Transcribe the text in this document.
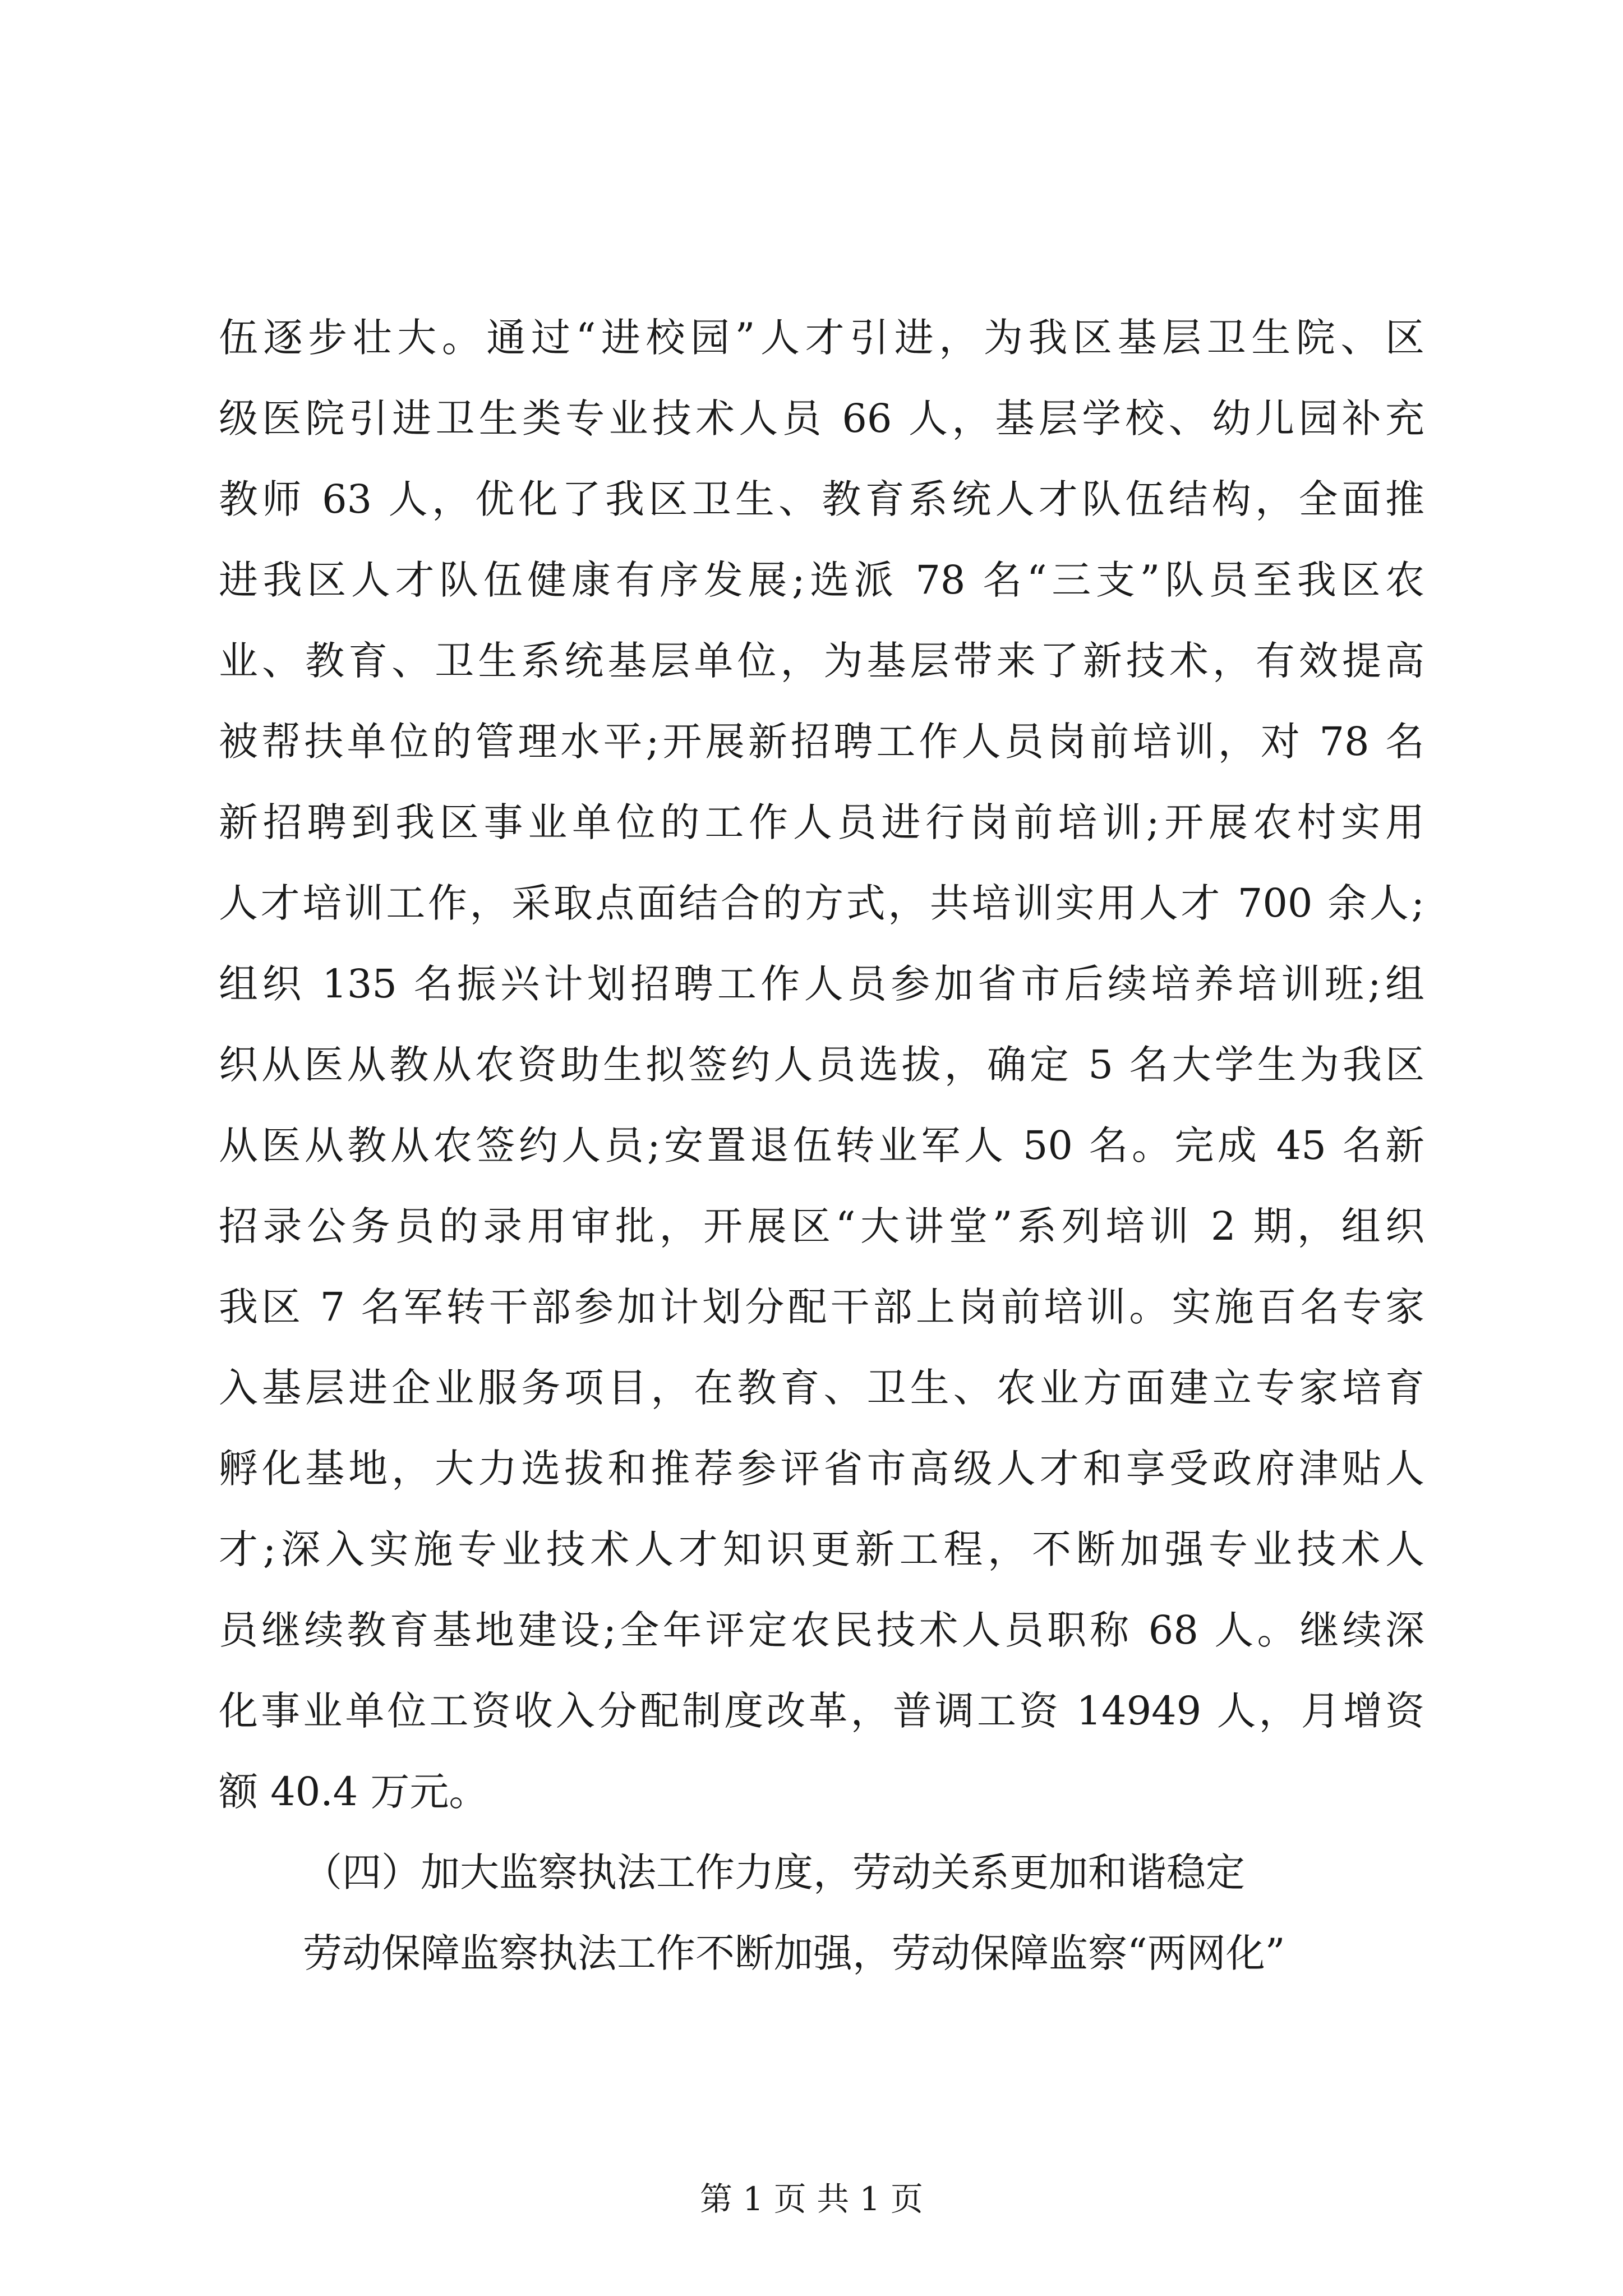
伍逐步壮大。通过“进校园”人才引进，为我区基层卫生院、区
级医院引进卫生类专业技术人员 66 人，基层学校、幼儿园补充
教师 63 人，优化了我区卫生、教育系统人才队伍结构，全面推
进我区人才队伍健康有序发展;选派 78 名“三支”队员至我区农
业、教育、卫生系统基层单位，为基层带来了新技术，有效提高
被帮扶单位的管理水平;开展新招聘工作人员岗前培训，对 78 名
新招聘到我区事业单位的工作人员进行岗前培训;开展农村实用
人才培训工作，采取点面结合的方式，共培训实用人才 700 余人;
组织 135 名振兴计划招聘工作人员参加省市后续培养培训班;组
织从医从教从农资助生拟签约人员选拔，确定 5 名大学生为我区
从医从教从农签约人员;安置退伍转业军人 50 名。完成 45 名新
招录公务员的录用审批，开展区“大讲堂”系列培训 2 期，组织
我区 7 名军转干部参加计划分配干部上岗前培训。实施百名专家
入基层进企业服务项目，在教育、卫生、农业方面建立专家培育
孵化基地，大力选拔和推荐参评省市高级人才和享受政府津贴人
才;深入实施专业技术人才知识更新工程，不断加强专业技术人
员继续教育基地建设;全年评定农民技术人员职称 68 人。继续深
化事业单位工资收入分配制度改革，普调工资 14949 人，月增资
额 40.4 万元。
（四）加大监察执法工作力度，劳动关系更加和谐稳定
劳动保障监察执法工作不断加强，劳动保障监察“两网化”
第 1 页 共 1 页
